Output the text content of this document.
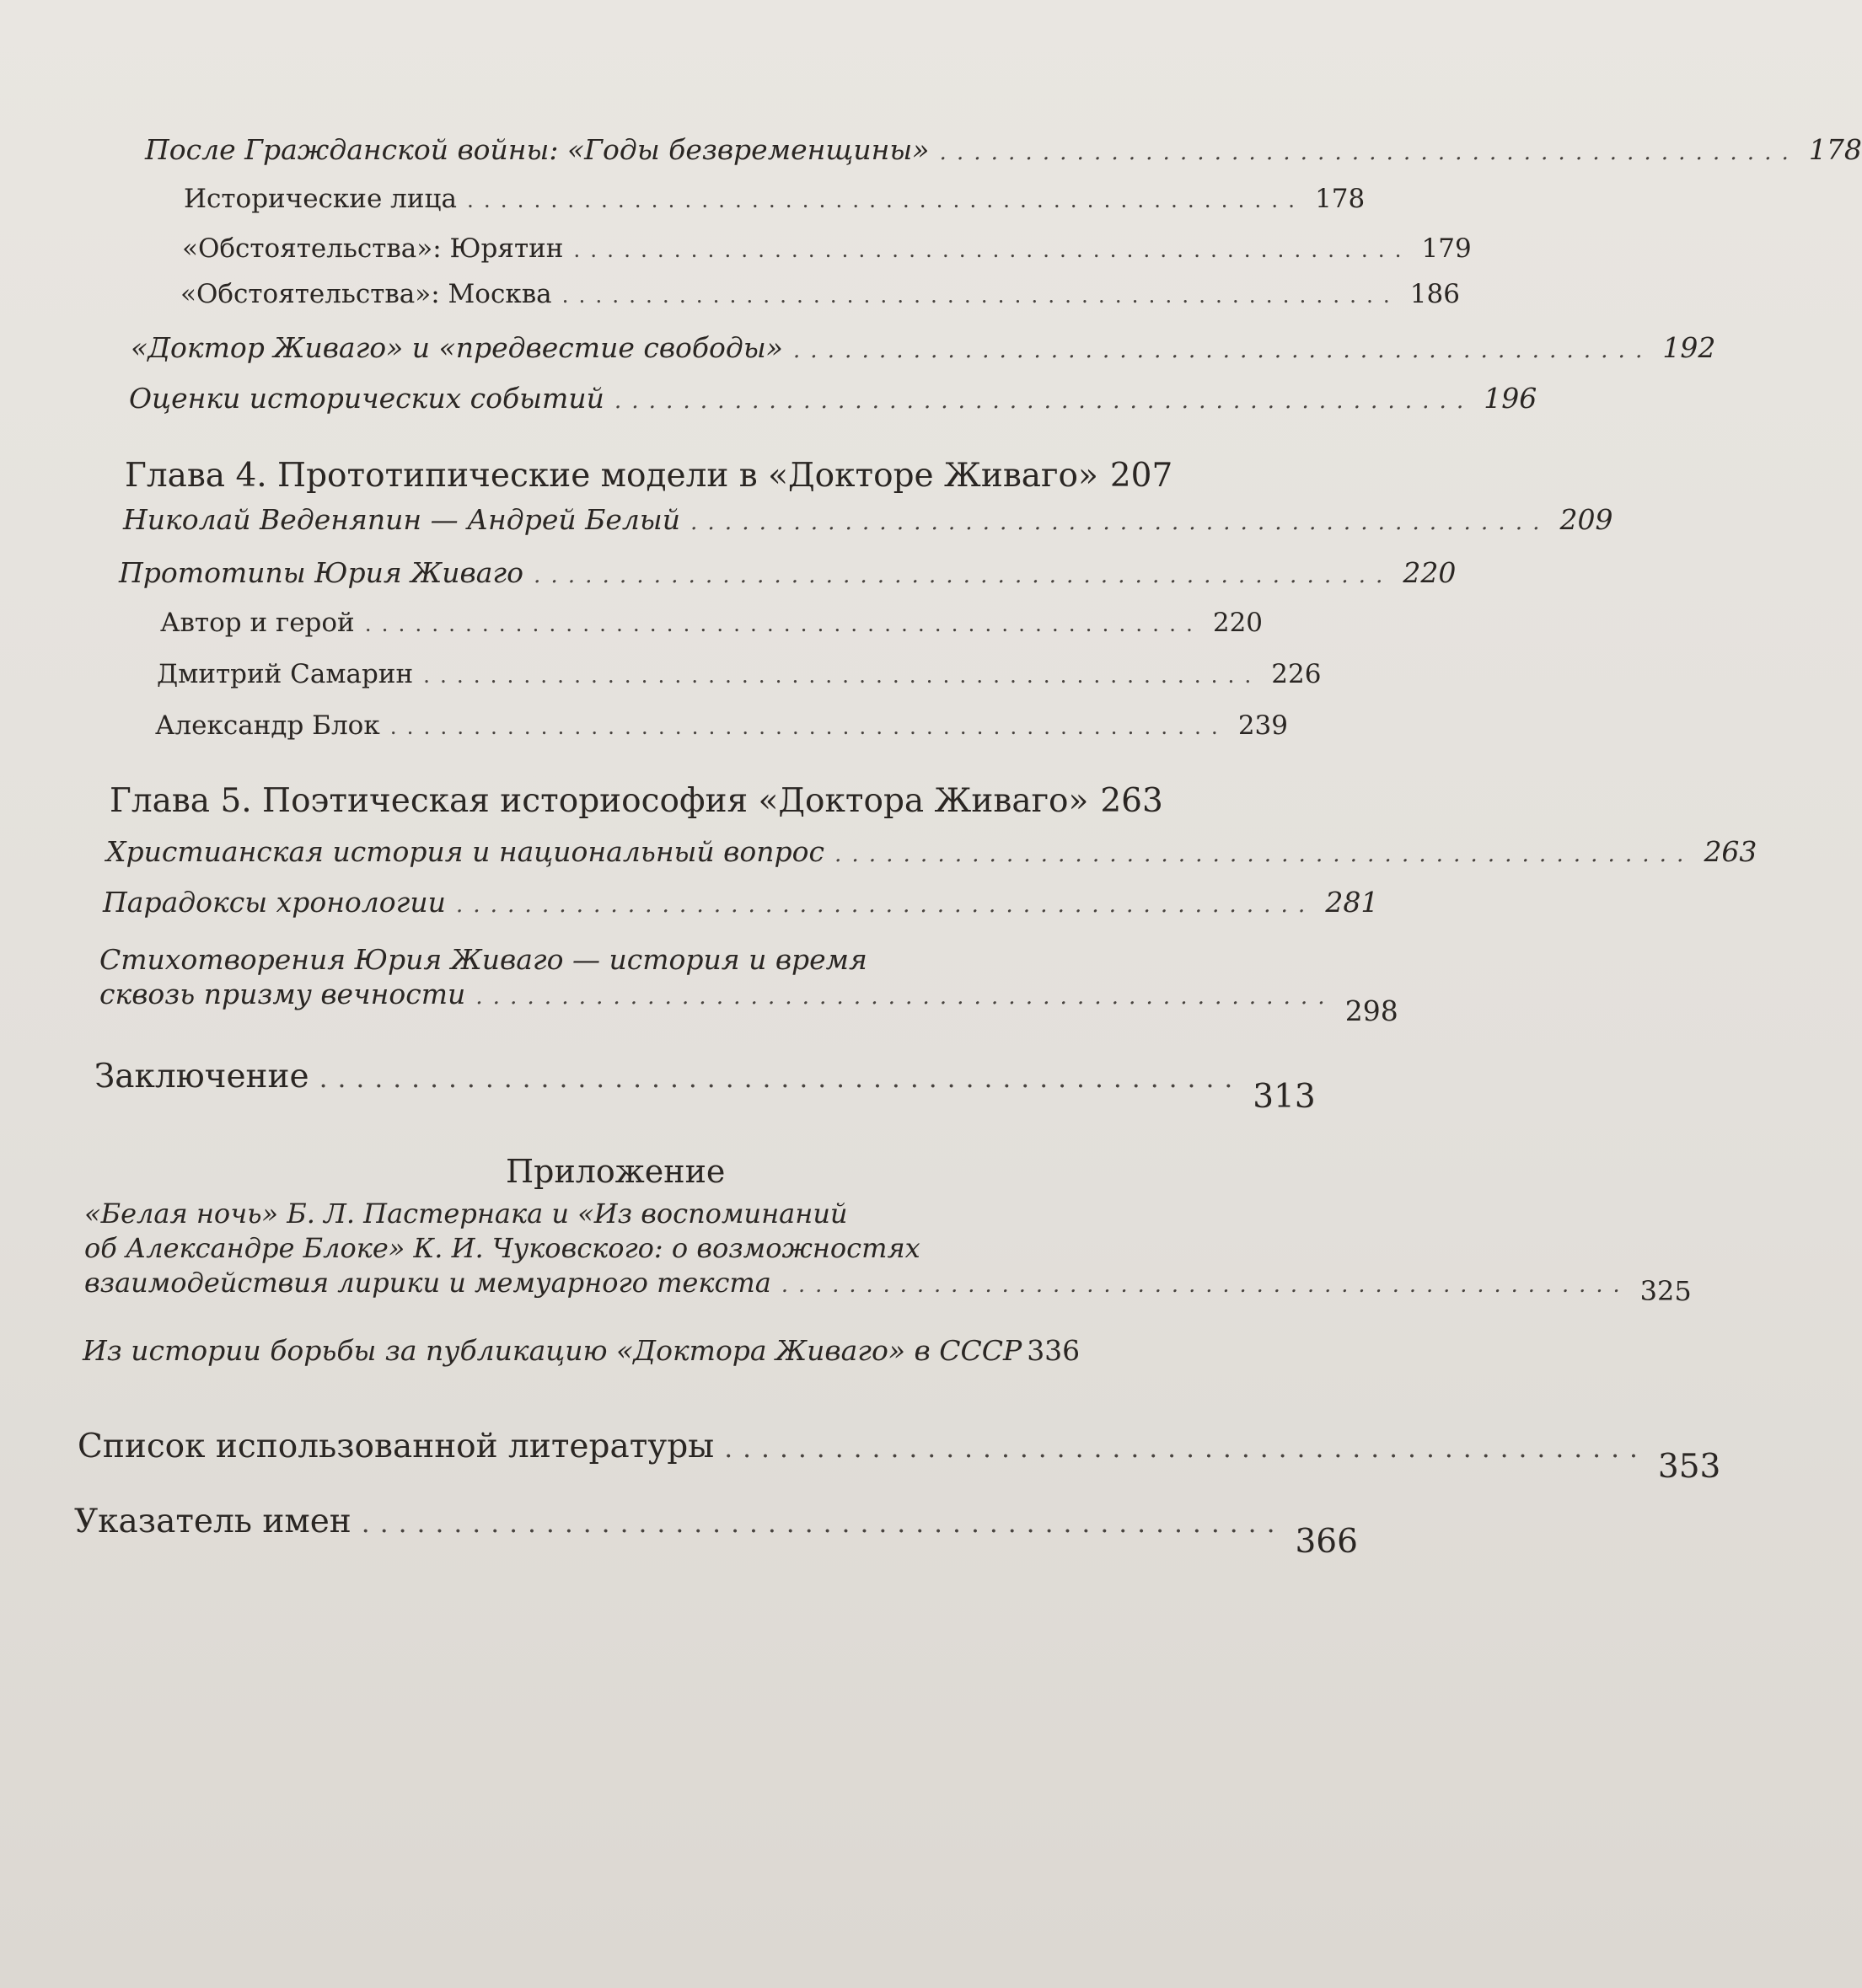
После Гражданской войны: «Годы безвременщины» .................................................. 178
Исторические лица .................................................. 178
«Обстоятельства»: Юрятин .................................................. 179
«Обстоятельства»: Москва .................................................. 186
«Доктор Живаго» и «предвестие свободы» .................................................. 192
Оценки исторических событий .................................................. 196
Глава 4. Прототипические модели в «Докторе Живаго» 207
Николай Веденяпин — Андрей Белый .................................................. 209
Прототипы Юрия Живаго .................................................. 220
Автор и герой .................................................. 220
Дмитрий Самарин .................................................. 226
Александр Блок .................................................. 239
Глава 5. Поэтическая историософия «Доктора Живаго» 263
Христианская история и национальный вопрос .................................................. 263
Парадоксы хронологии .................................................. 281
Стихотворения Юрия Живаго — история и время
сквозь призму вечности .................................................. 298
Заключение .................................................. 313
Приложение
«Белая ночь» Б. Л. Пастернака и «Из воспоминаний
об Александре Блоке» К. И. Чуковского: о возможностях
взаимодействия лирики и мемуарного текста .................................................. 325
Из истории борьбы за публикацию «Доктора Живаго» в СССР 336
Список использованной литературы .................................................. 353
Указатель имен .................................................. 366
